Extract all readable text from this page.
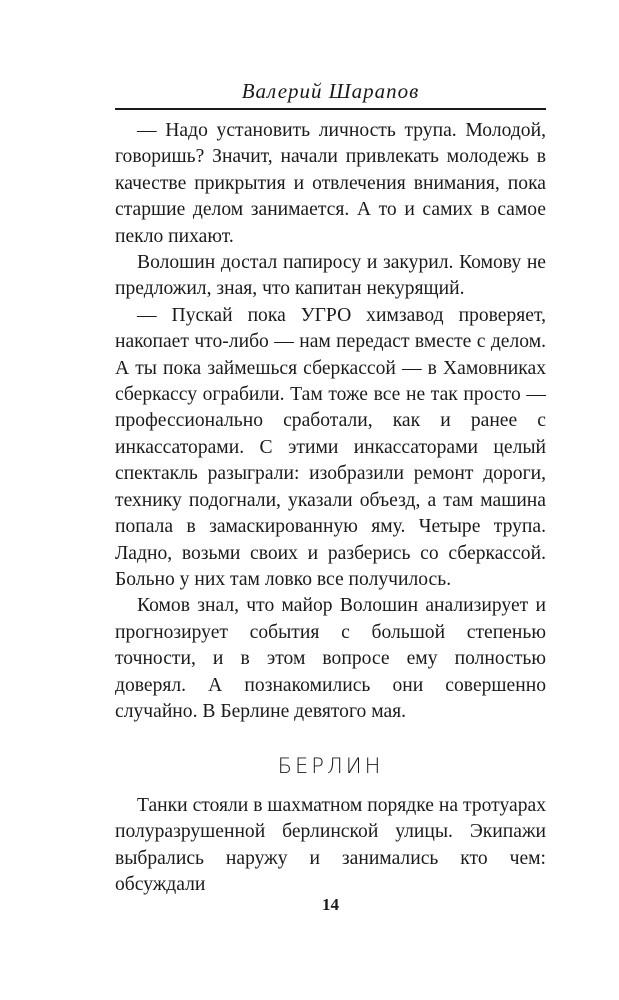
Валерий Шарапов

— Надо установить личность трупа. Молодой, говоришь? Значит, начали привлекать молодежь в качестве прикрытия и отвлечения внимания, пока старшие делом занимается. А то и самих в самое пекло пихают.

Волошин достал папиросу и закурил. Комову не предложил, зная, что капитан некурящий.

— Пускай пока УГРО химзавод проверяет, накопает что-либо — нам передаст вместе с делом. А ты пока займешься сберкассой — в Хамовниках сберкассу ограбили. Там тоже все не так просто — профессионально сработали, как и ранее с инкассаторами. С этими инкассаторами целый спектакль разыграли: изобразили ремонт дороги, технику подогнали, указали объезд, а там машина попала в замаскированную яму. Четыре трупа. Ладно, возьми своих и разберись со сберкассой. Больно у них там ловко все получилось.

Комов знал, что майор Волошин анализирует и прогнозирует события с большой степенью точности, и в этом вопросе ему полностью доверял. А познакомились они совершенно случайно. В Берлине девятого мая.

БЕРЛИН

Танки стояли в шахматном порядке на тротуарах полуразрушенной берлинской улицы. Экипажи выбрались наружу и занимались кто чем: обсуждали

14
